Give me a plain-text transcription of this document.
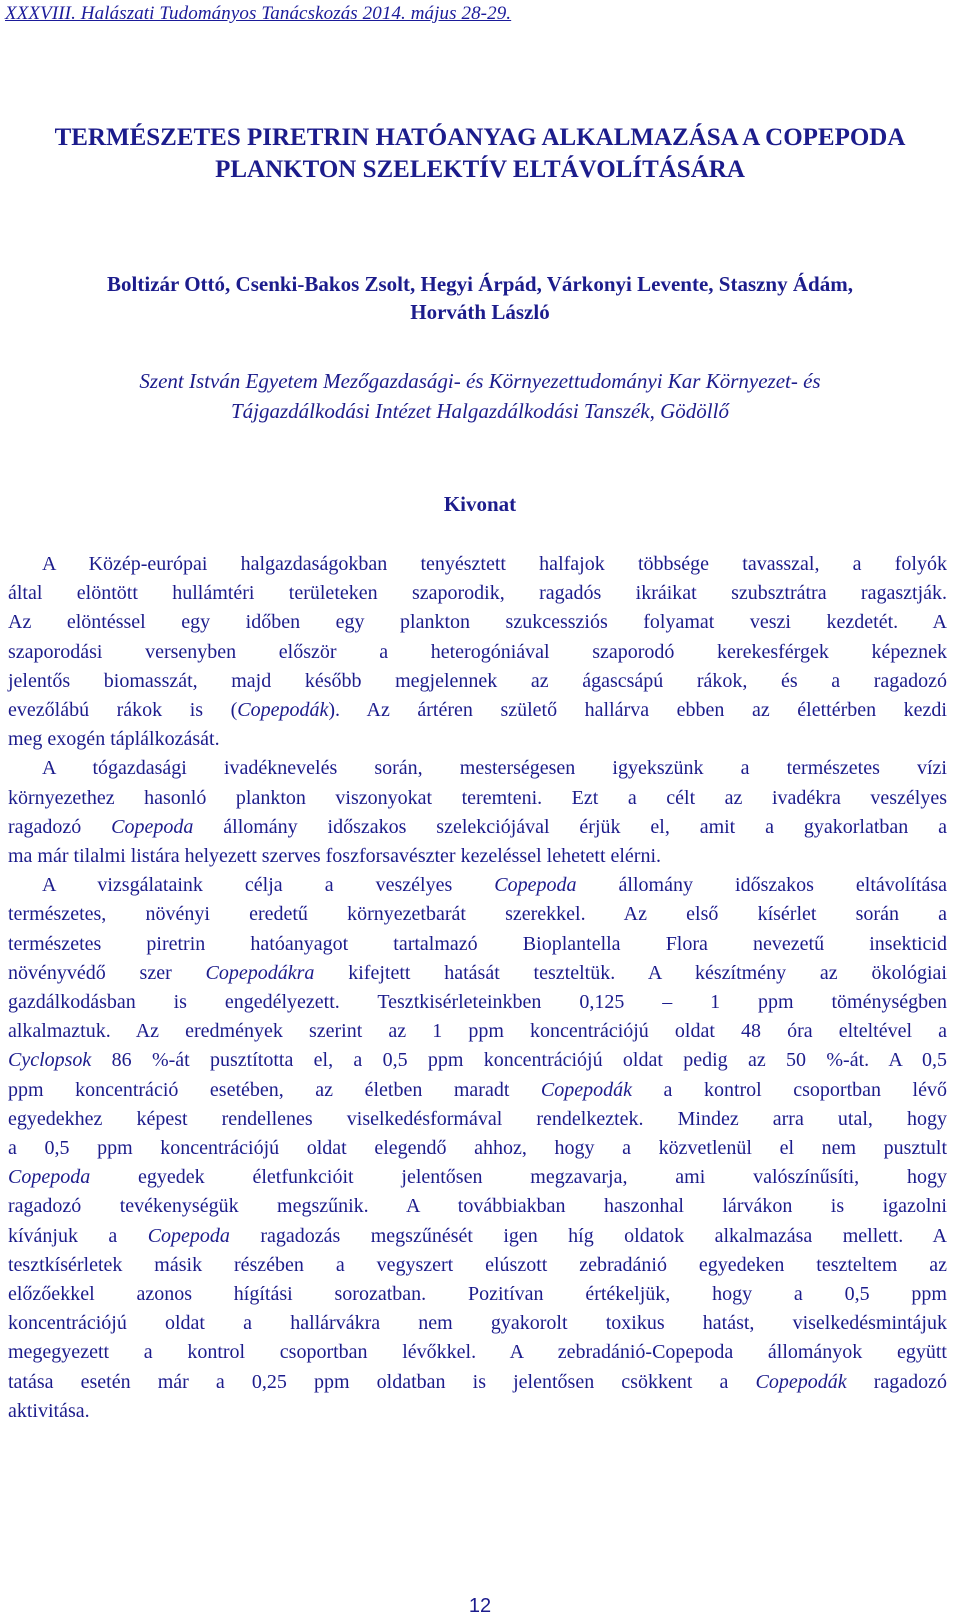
XXXVIII. Halászati Tudományos Tanácskozás 2014. május 28-29.
TERMÉSZETES PIRETRIN HATÓANYAG ALKALMAZÁSA A COPEPODA
PLANKTON SZELEKTÍV ELTÁVOLÍTÁSÁRA
Boltizár Ottó, Csenki-Bakos Zsolt, Hegyi Árpád, Várkonyi Levente, Staszny Ádám,
Horváth László
Szent István Egyetem Mezőgazdasági- és Környezettudományi Kar Környezet- és
Tájgazdálkodási Intézet Halgazdálkodási Tanszék, Gödöllő
Kivonat
A Közép-európai halgazdaságokban tenyésztett halfajok többsége tavasszal, a folyók
által elöntött hullámtéri területeken szaporodik, ragadós ikráikat szubsztrátra ragasztják.
Az elöntéssel egy időben egy plankton szukcessziós folyamat veszi kezdetét. A
szaporodási versenyben először a heterogóniával szaporodó kerekesférgek képeznek
jelentős biomasszát, majd később megjelennek az ágascsápú rákok, és a ragadozó
evezőlábú rákok is (Copepodák). Az ártéren születő hallárva ebben az élettérben kezdi
meg exogén táplálkozását.
A tógazdasági ivadéknevelés során, mesterségesen igyekszünk a természetes vízi
környezethez hasonló plankton viszonyokat teremteni. Ezt a célt az ivadékra veszélyes
ragadozó Copepoda állomány időszakos szelekciójával érjük el, amit a gyakorlatban a
ma már tilalmi listára helyezett szerves foszforsavészter kezeléssel lehetett elérni.
A vizsgálataink célja a veszélyes Copepoda állomány időszakos eltávolítása
természetes, növényi eredetű környezetbarát szerekkel. Az első kísérlet során a
természetes piretrin hatóanyagot tartalmazó Bioplantella Flora nevezetű insekticid
növényvédő szer Copepodákra kifejtett hatását teszteltük. A készítmény az ökológiai
gazdálkodásban is engedélyezett. Tesztkisérleteinkben 0,125 – 1 ppm töménységben
alkalmaztuk. Az eredmények szerint az 1 ppm koncentrációjú oldat 48 óra elteltével a
Cyclopsok 86 %-át pusztította el, a 0,5 ppm koncentrációjú oldat pedig az 50 %-át. A 0,5
ppm koncentráció esetében, az életben maradt Copepodák a kontrol csoportban lévő
egyedekhez képest rendellenes viselkedésformával rendelkeztek. Mindez arra utal, hogy
a 0,5 ppm koncentrációjú oldat elegendő ahhoz, hogy a közvetlenül el nem pusztult
Copepoda egyedek életfunkcióit jelentősen megzavarja, ami valószínűsíti, hogy
ragadozó tevékenységük megszűnik. A továbbiakban haszonhal lárvákon is igazolni
kívánjuk a Copepoda ragadozás megszűnését igen híg oldatok alkalmazása mellett. A
tesztkísérletek másik részében a vegyszert elúszott zebradánió egyedeken teszteltem az
előzőekkel azonos hígítási sorozatban. Pozitívan értékeljük, hogy a 0,5 ppm
koncentrációjú oldat a hallárvákra nem gyakorolt toxikus hatást, viselkedésmintájuk
megegyezett a kontrol csoportban lévőkkel. A zebradánió-Copepoda állományok együtt
tatása esetén már a 0,25 ppm oldatban is jelentősen csökkent a Copepodák ragadozó
aktivitása.
12
